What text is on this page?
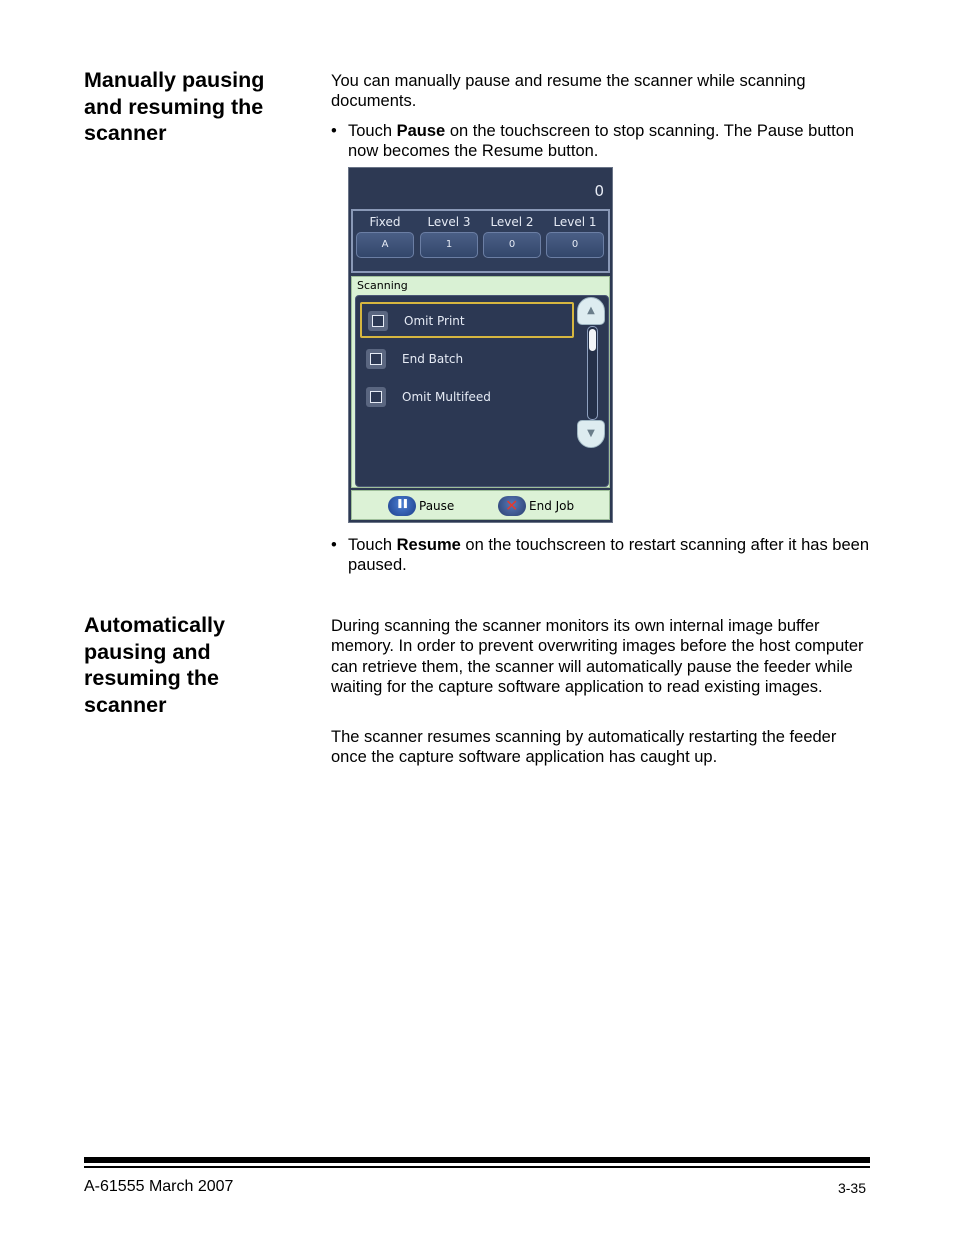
Manually pausing
and resuming the
scanner

You can manually pause and resume the scanner while scanning documents.

• Touch Pause on the touchscreen to stop scanning. The Pause button now becomes the Resume button.
0
Fixed
A
Level 3
1
Level 2
0
Level 1
0
Scanning
Omit Print
End Batch
Omit Multifeed
▲
▼
❚❚
Pause
✕	End Job
• Touch Resume on the touchscreen to restart scanning after it has been paused.
Automatically
pausing and
resuming the
scanner

During scanning the scanner monitors its own internal image buffer memory. In order to prevent overwriting images before the host computer can retrieve them, the scanner will automatically pause the feeder while waiting for the capture software application to read existing images.

The scanner resumes scanning by automatically restarting the feeder once the capture software application has caught up.

A-61555 March 2007	3-35
